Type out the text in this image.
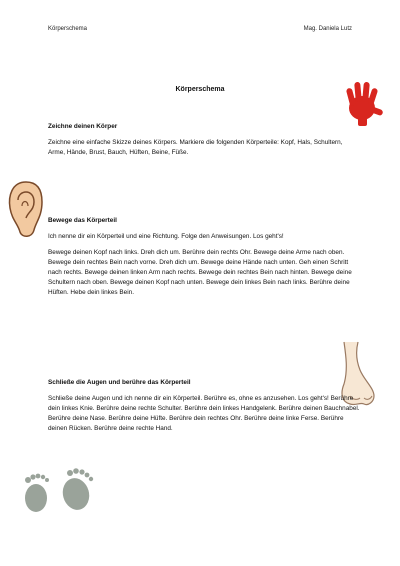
Körperschema	Mag. Daniela Lutz
Körperschema
Zeichne deinen Körper

Zeichne eine einfache Skizze deines Körpers. Markiere die folgenden Körperteile: Kopf, Hals, Schultern, Arme, Hände, Brust, Bauch, Hüften, Beine, Füße.

Bewege das Körperteil

Ich nenne dir ein Körperteil und eine Richtung. Folge den Anweisungen. Los geht's!

Bewege deinen Kopf nach links. Dreh dich um. Berühre dein rechts Ohr. Bewege deine Arme nach oben. Bewege dein rechtes Bein nach vorne. Dreh dich um. Bewege deine Hände nach unten. Geh einen Schritt nach rechts. Bewege deinen linken Arm nach rechts. Bewege dein rechtes Bein nach hinten. Bewege deine Schultern nach oben. Bewege deinen Kopf nach unten. Bewege dein linkes Bein nach links. Berühre deine Hüften. Hebe dein linkes Bein.

Schließe die Augen und berühre das Körperteil

Schließe deine Augen und ich nenne dir ein Körperteil. Berühre es, ohne es anzusehen. Los geht's! Berühre dein linkes Knie. Berühre deine rechte Schulter. Berühre dein linkes Handgelenk. Berühre deinen Bauchnabel. Berühre deine Nase. Berühre deine Hüfte. Berühre dein rechtes Ohr. Berühre deine linke Ferse. Berühre deinen Rücken. Berühre deine rechte Hand.
